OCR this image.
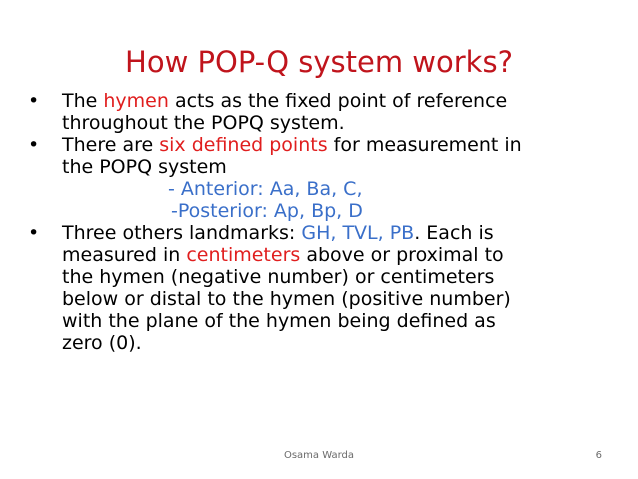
How POP-Q system works?
• The hymen acts as the fixed point of reference
throughout the POPQ system.
• There are six defined points for measurement in
the POPQ system
- Anterior: Aa, Ba, C,
-Posterior: Ap, Bp, D
• Three others landmarks: GH, TVL, PB. Each is
measured in centimeters above or proximal to
the hymen (negative number) or centimeters
below or distal to the hymen (positive number)
with the plane of the hymen being defined as
zero (0).
Osama Warda	6
